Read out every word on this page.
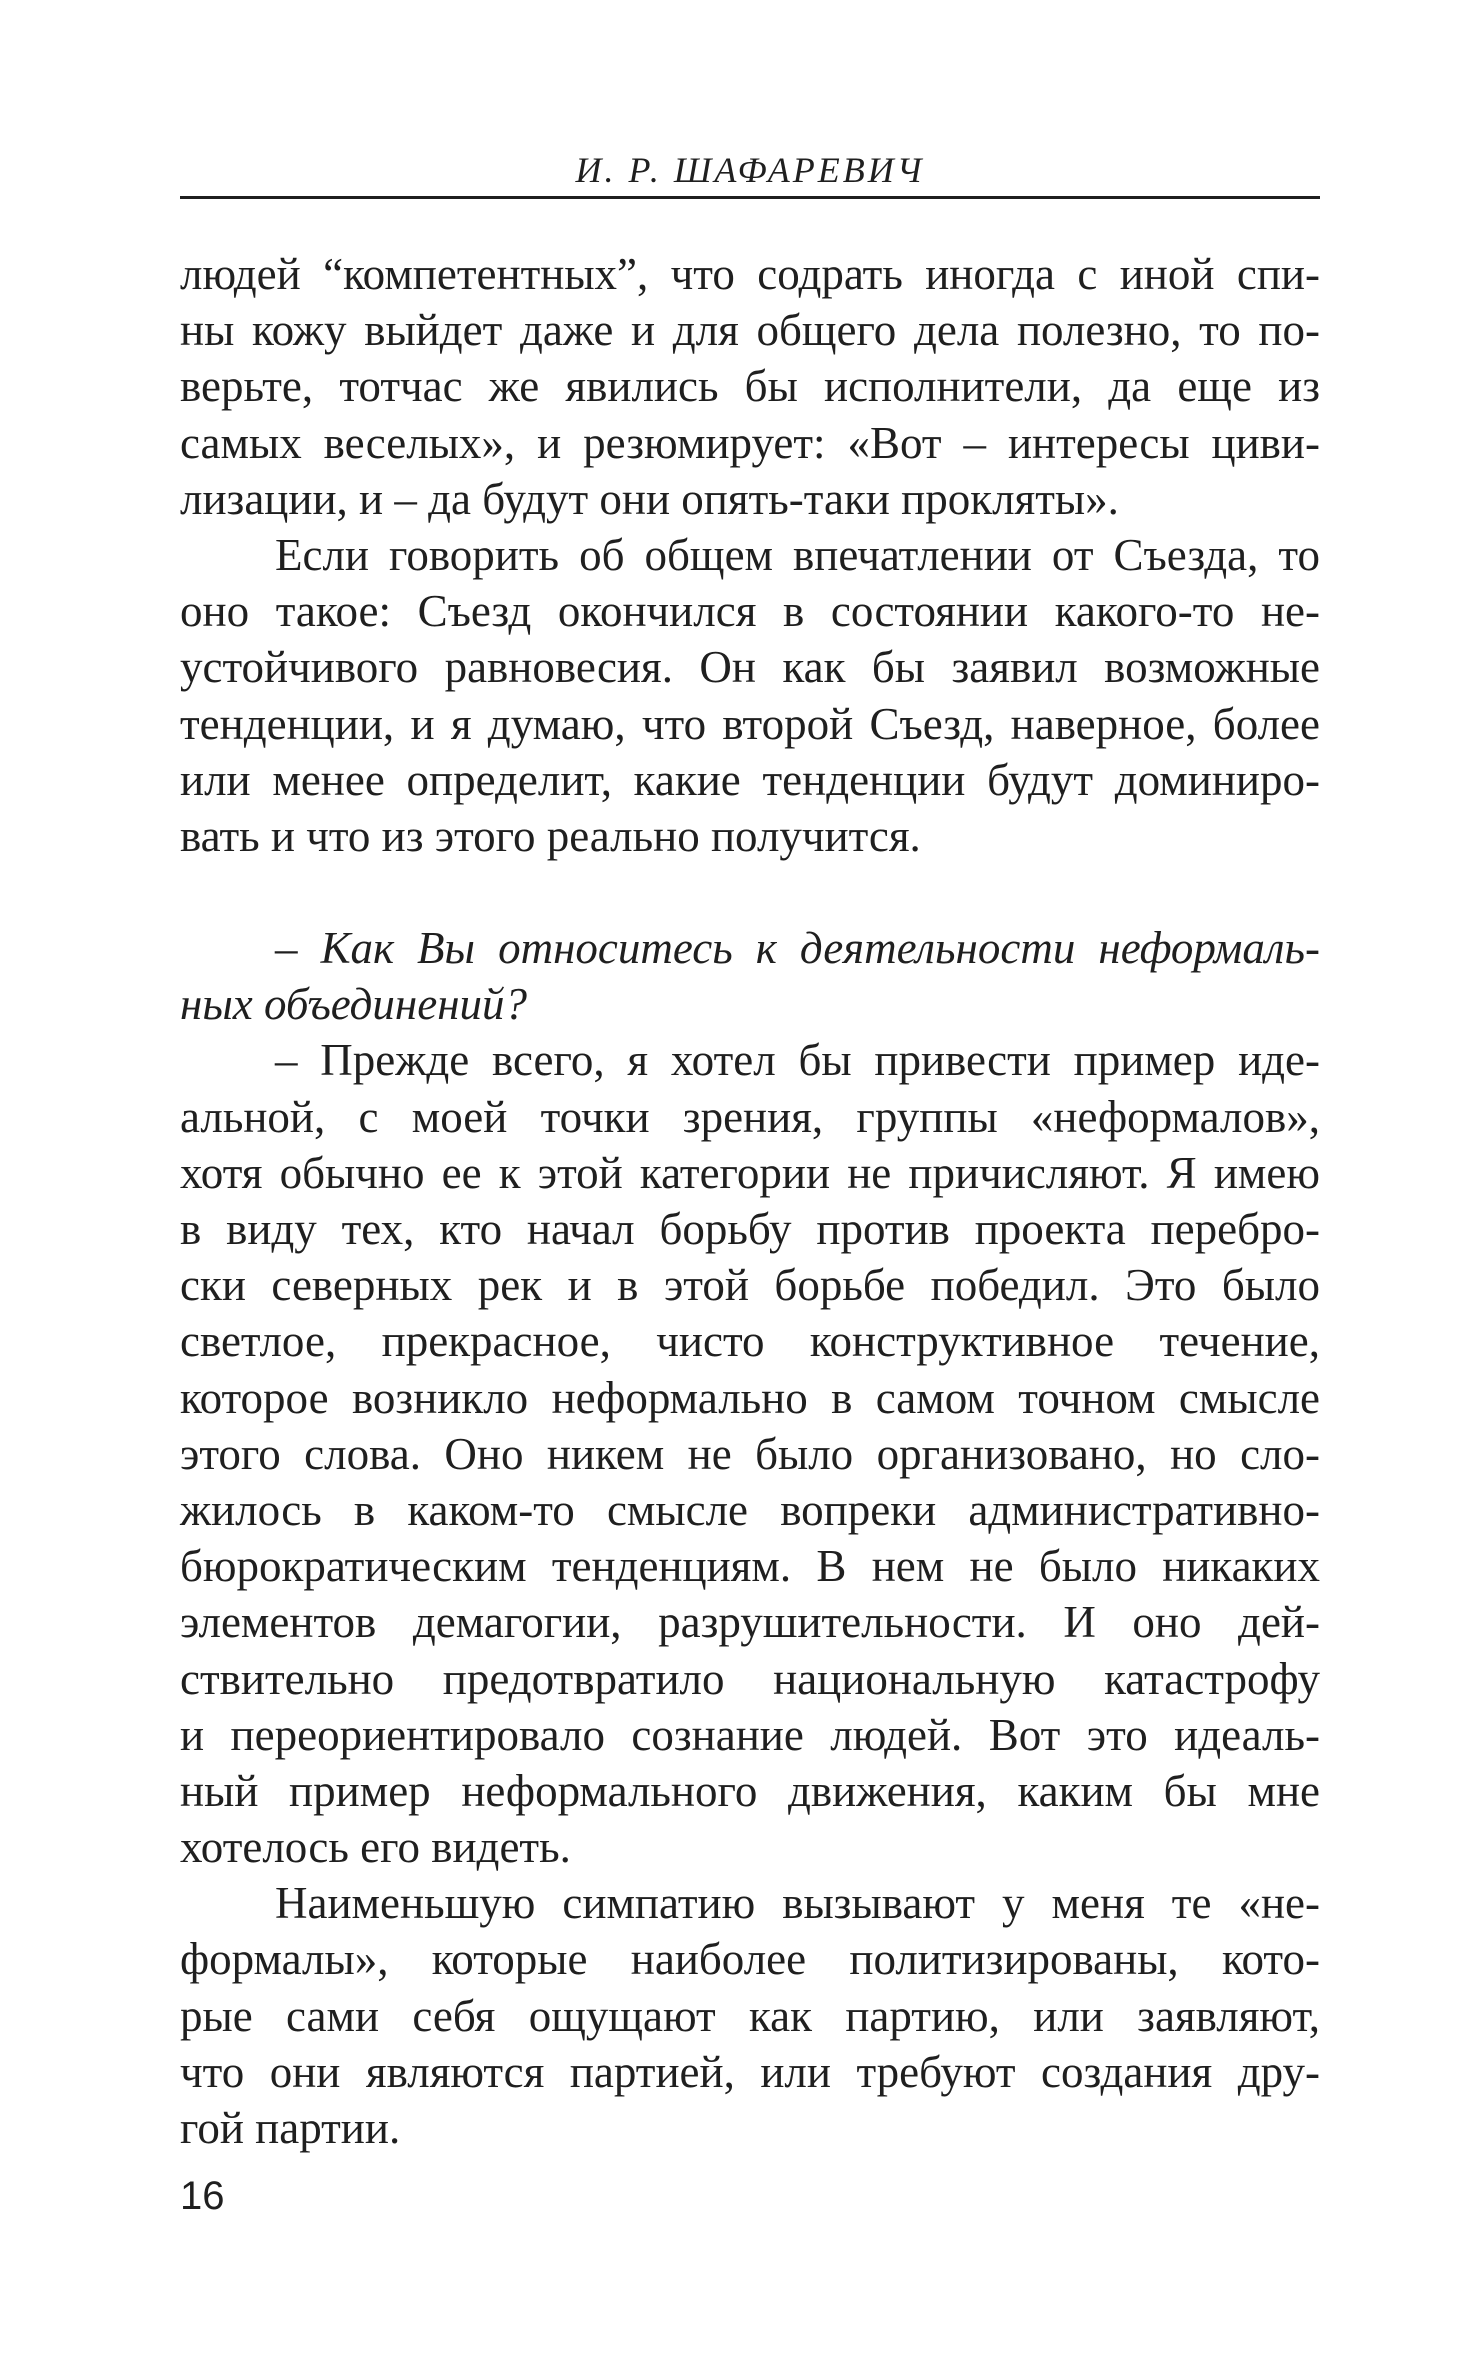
И. Р. ШАФАРЕВИЧ
людей “компетентных”, что содрать иногда с иной спи-
ны кожу выйдет даже и для общего дела полезно, то по-
верьте, тотчас же явились бы исполнители, да еще из
самых веселых», и резюмирует: «Вот – интересы циви-
лизации, и – да будут они опять-таки прокляты».
Если говорить об общем впечатлении от Съезда, то
оно такое: Съезд окончился в состоянии какого-то не-
устойчивого равновесия. Он как бы заявил возможные
тенденции, и я думаю, что второй Съезд, наверное, более
или менее определит, какие тенденции будут доминиро-
вать и что из этого реально получится.
– Как Вы относитесь к деятельности неформаль-
ных объединений?
– Прежде всего, я хотел бы привести пример иде-
альной, с моей точки зрения, группы «неформалов»,
хотя обычно ее к этой категории не причисляют. Я имею
в виду тех, кто начал борьбу против проекта перебро-
ски северных рек и в этой борьбе победил. Это было
светлое, прекрасное, чисто конструктивное течение,
которое возникло неформально в самом точном смысле
этого слова. Оно никем не было организовано, но сло-
жилось в каком-то смысле вопреки административно-
бюрократическим тенденциям. В нем не было никаких
элементов демагогии, разрушительности. И оно дей-
ствительно предотвратило национальную катастрофу
и переориентировало сознание людей. Вот это идеаль-
ный пример неформального движения, каким бы мне
хотелось его видеть.
Наименьшую симпатию вызывают у меня те «не-
формалы», которые наиболее политизированы, кото-
рые сами себя ощущают как партию, или заявляют,
что они являются партией, или требуют создания дру-
гой партии.
16
